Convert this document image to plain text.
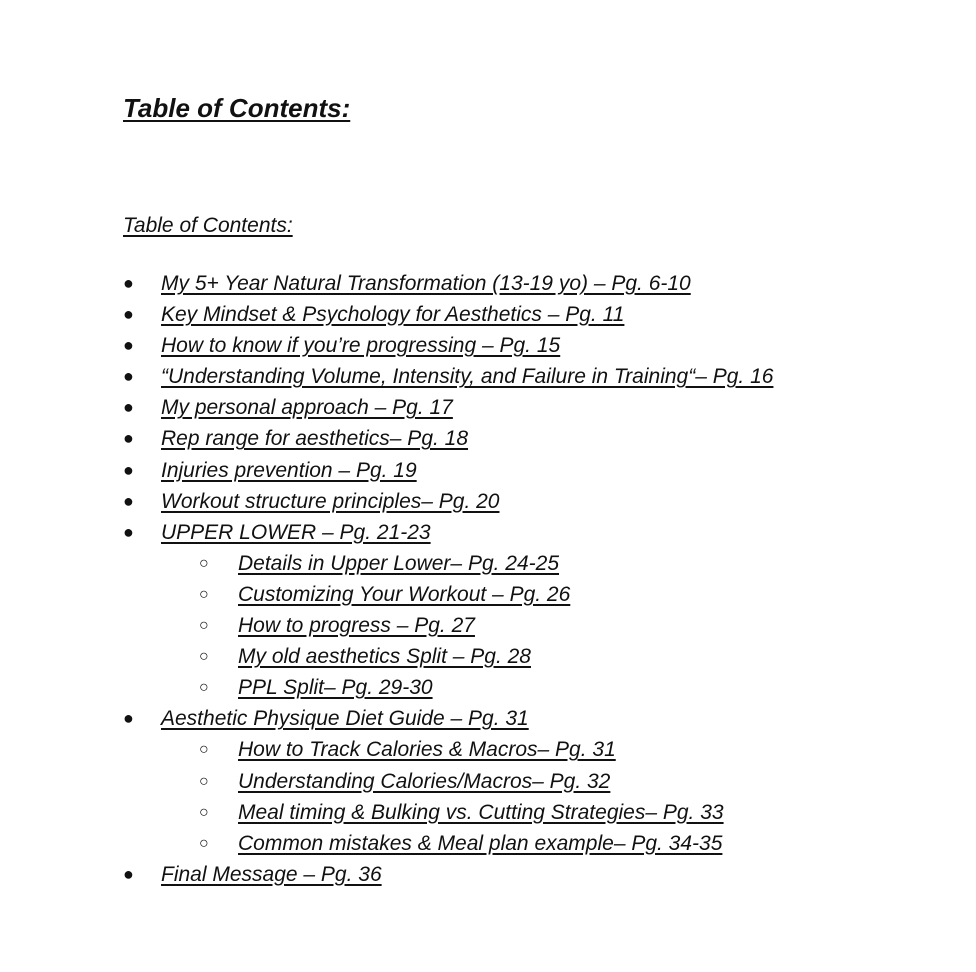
Table of Contents:
Table of Contents:
● My 5+ Year Natural Transformation (13-19 yo) – Pg. 6-10
● Key Mindset & Psychology for Aesthetics – Pg. 11
● How to know if you’re progressing – Pg. 15
● “Understanding Volume, Intensity, and Failure in Training“– Pg. 16
● My personal approach – Pg. 17
● Rep range for aesthetics– Pg. 18
● Injuries prevention – Pg. 19
● Workout structure principles– Pg. 20
● UPPER LOWER – Pg. 21-23
○ Details in Upper Lower– Pg. 24-25
○ Customizing Your Workout – Pg. 26
○ How to progress – Pg. 27
○ My old aesthetics Split – Pg. 28
○ PPL Split– Pg. 29-30
● Aesthetic Physique Diet Guide – Pg. 31
○ How to Track Calories & Macros– Pg. 31
○ Understanding Calories/Macros– Pg. 32
○ Meal timing & Bulking vs. Cutting Strategies– Pg. 33
○ Common mistakes & Meal plan example– Pg. 34-35
● Final Message – Pg. 36
